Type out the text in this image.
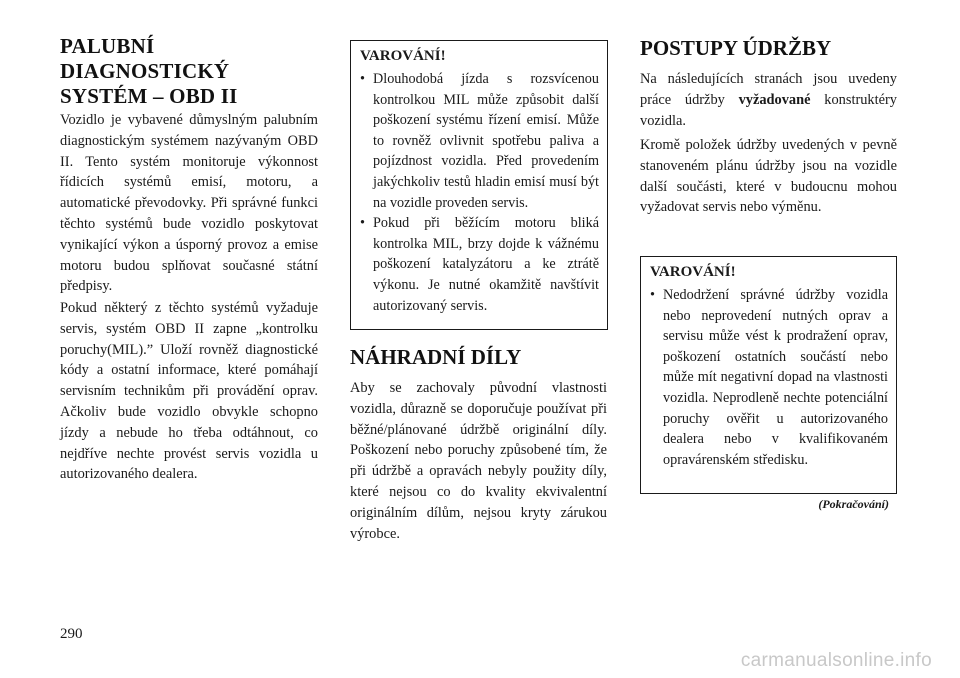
PALUBNÍ
DIAGNOSTICKÝ
SYSTÉM – OBD II

Vozidlo je vybavené důmyslným palubním diagnostickým systémem nazývaným OBD II. Tento systém monitoruje výkonnost řídicích systémů emisí, motoru, a automatické převodovky. Při správné funkci těchto systémů bude vozidlo poskytovat vynikající výkon a úsporný provoz a emise motoru budou splňovat současné státní předpisy.

Pokud některý z těchto systémů vyžaduje servis, systém OBD II zapne „kontrolku poruchy(MIL).” Uloží rovněž diagnostické kódy a ostatní informace, které pomáhají servisním technikům při provádění oprav. Ačkoliv bude vozidlo obvykle schopno jízdy a nebude ho třeba odtáhnout, co nejdříve nechte provést servis vozidla u autorizovaného dealera.

VAROVÁNÍ!
• Dlouhodobá jízda s rozsvícenou kontrolkou MIL může způsobit další poškození systému řízení emisí. Může to rovněž ovlivnit spotřebu paliva a pojízdnost vozidla. Před provedením jakýchkoliv testů hladin emisí musí být na vozidle proveden servis.
• Pokud při běžícím motoru bliká kontrolka MIL, brzy dojde k vážnému poškození katalyzátoru a ke ztrátě výkonu. Je nutné okamžitě navštívit autorizovaný servis.
NÁHRADNÍ DÍLY

Aby se zachovaly původní vlastnosti vozidla, důrazně se doporučuje používat při běžné/plánované údržbě originální díly. Poškození nebo poruchy způsobené tím, že při údržbě a opravách nebyly použity díly, které nejsou co do kvality ekvivalentní originálním dílům, nejsou kryty zárukou výrobce.

POSTUPY ÚDRŽBY

Na následujících stranách jsou uvedeny práce údržby vyžadované konstruktéry vozidla.

Kromě položek údržby uvedených v pevně stanoveném plánu údržby jsou na vozidle další součásti, které v budoucnu mohou vyžadovat servis nebo výměnu.

VAROVÁNÍ!
• Nedodržení správné údržby vozidla nebo neprovedení nutných oprav a servisu může vést k prodražení oprav, poškození ostatních součástí nebo může mít negativní dopad na vlastnosti vozidla. Neprodleně nechte potenciální poruchy ověřit u autorizovaného dealera nebo v kvalifikovaném opravárenském středisku.
(Pokračování)
290
carmanualsonline.info
